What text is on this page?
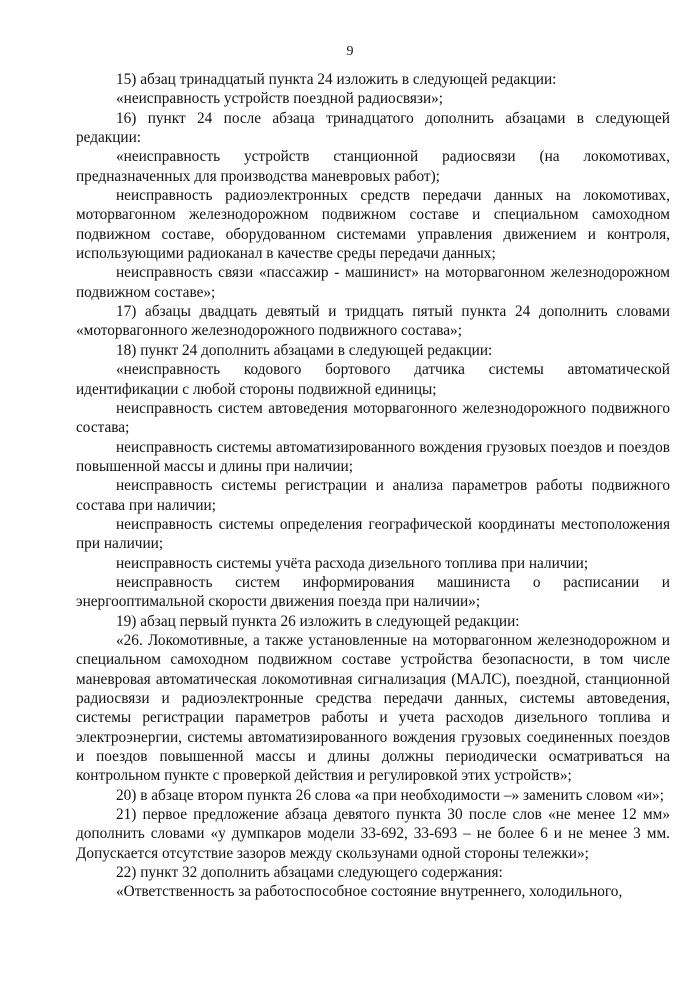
9

15) абзац тринадцатый пункта 24 изложить в следующей редакции:

«неисправность устройств поездной радиосвязи»;

16) пункт 24 после абзаца тринадцатого дополнить абзацами в следующей редакции:

«неисправность устройств станционной радиосвязи (на локомотивах, предназначенных для производства маневровых работ);

неисправность радиоэлектронных средств передачи данных на локомотивах, моторвагонном железнодорожном подвижном составе и специальном самоходном подвижном составе, оборудованном системами управления движением и контроля, использующими радиоканал в качестве среды передачи данных;

неисправность связи «пассажир - машинист» на моторвагонном железнодорожном подвижном составе»;

17) абзацы двадцать девятый и тридцать пятый пункта 24 дополнить словами «моторвагонного железнодорожного подвижного состава»;

18) пункт 24 дополнить абзацами в следующей редакции:

«неисправность кодового бортового датчика системы автоматической идентификации с любой стороны подвижной единицы;

неисправность систем автоведения моторвагонного железнодорожного подвижного состава;

неисправность системы автоматизированного вождения грузовых поездов и поездов повышенной массы и длины при наличии;

неисправность системы регистрации и анализа параметров работы подвижного состава при наличии;

неисправность системы определения географической координаты местоположения при наличии;

неисправность системы учёта расхода дизельного топлива при наличии;

неисправность систем информирования машиниста о расписании и энергооптимальной скорости движения поезда при наличии»;

19) абзац первый пункта 26 изложить в следующей редакции:

«26. Локомотивные, а также установленные на моторвагонном железнодорожном и специальном самоходном подвижном составе устройства безопасности, в том числе маневровая автоматическая локомотивная сигнализация (МАЛС), поездной, станционной радиосвязи и радиоэлектронные средства передачи данных, системы автоведения, системы регистрации параметров работы и учета расходов дизельного топлива и электроэнергии, системы автоматизированного вождения грузовых соединенных поездов и поездов повышенной массы и длины должны периодически осматриваться на контрольном пункте с проверкой действия и регулировкой этих устройств»;

20) в абзаце втором пункта 26 слова «а при необходимости –» заменить словом «и»;

21) первое предложение абзаца девятого пункта 30 после слов «не менее 12 мм» дополнить словами «у думпкаров модели 33-692, 33-693 – не более 6 и не менее 3 мм. Допускается отсутствие зазоров между скользунами одной стороны тележки»;

22) пункт 32 дополнить абзацами следующего содержания:

«Ответственность за работоспособное состояние внутреннего, холодильного,
